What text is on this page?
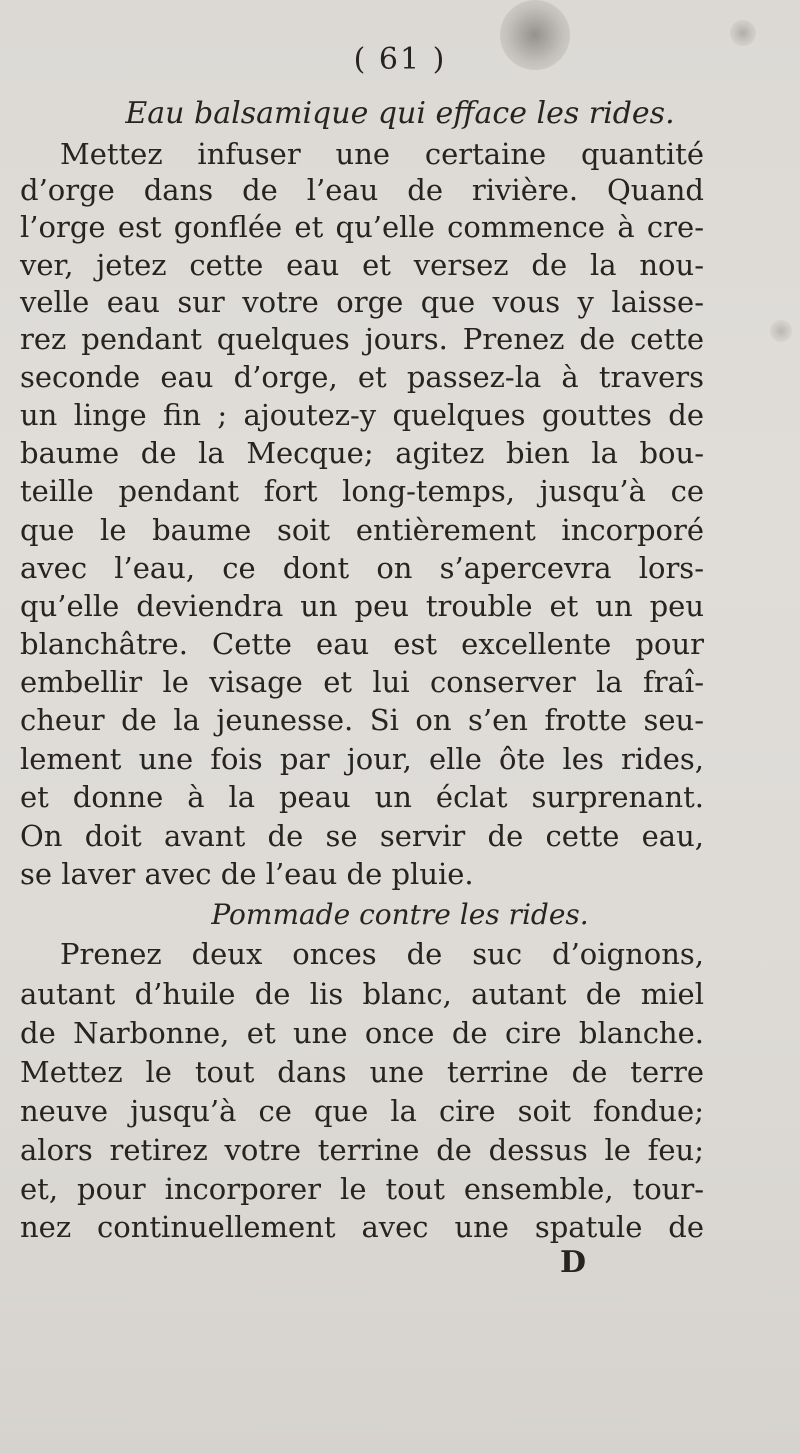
( 61 )
Eau balsamique qui efface les rides.
Mettez infuser une certaine quantité
d’orge dans de l’eau de rivière. Quand
l’orge est gonflée et qu’elle commence à cre-
ver, jetez cette eau et versez de la nou-
velle eau sur votre orge que vous y laisse-
rez pendant quelques jours. Prenez de cette
seconde eau d’orge, et passez-la à travers
un linge fin ; ajoutez-y quelques gouttes de
baume de la Mecque; agitez bien la bou-
teille pendant fort long-temps, jusqu’à ce
que le baume soit entièrement incorporé
avec l’eau, ce dont on s’apercevra lors-
qu’elle deviendra un peu trouble et un peu
blanchâtre. Cette eau est excellente pour
embellir le visage et lui conserver la fraî-
cheur de la jeunesse. Si on s’en frotte seu-
lement une fois par jour, elle ôte les rides,
et donne à la peau un éclat surprenant.
On doit avant de se servir de cette eau,
se laver avec de l’eau de pluie.
Pommade contre les rides.
Prenez deux onces de suc d’oignons,
autant d’huile de lis blanc, autant de miel
de Narbonne, et une once de cire blanche.
Mettez le tout dans une terrine de terre
neuve jusqu’à ce que la cire soit fondue;
alors retirez votre terrine de dessus le feu;
et, pour incorporer le tout ensemble, tour-
nez continuellement avec une spatule de
D
